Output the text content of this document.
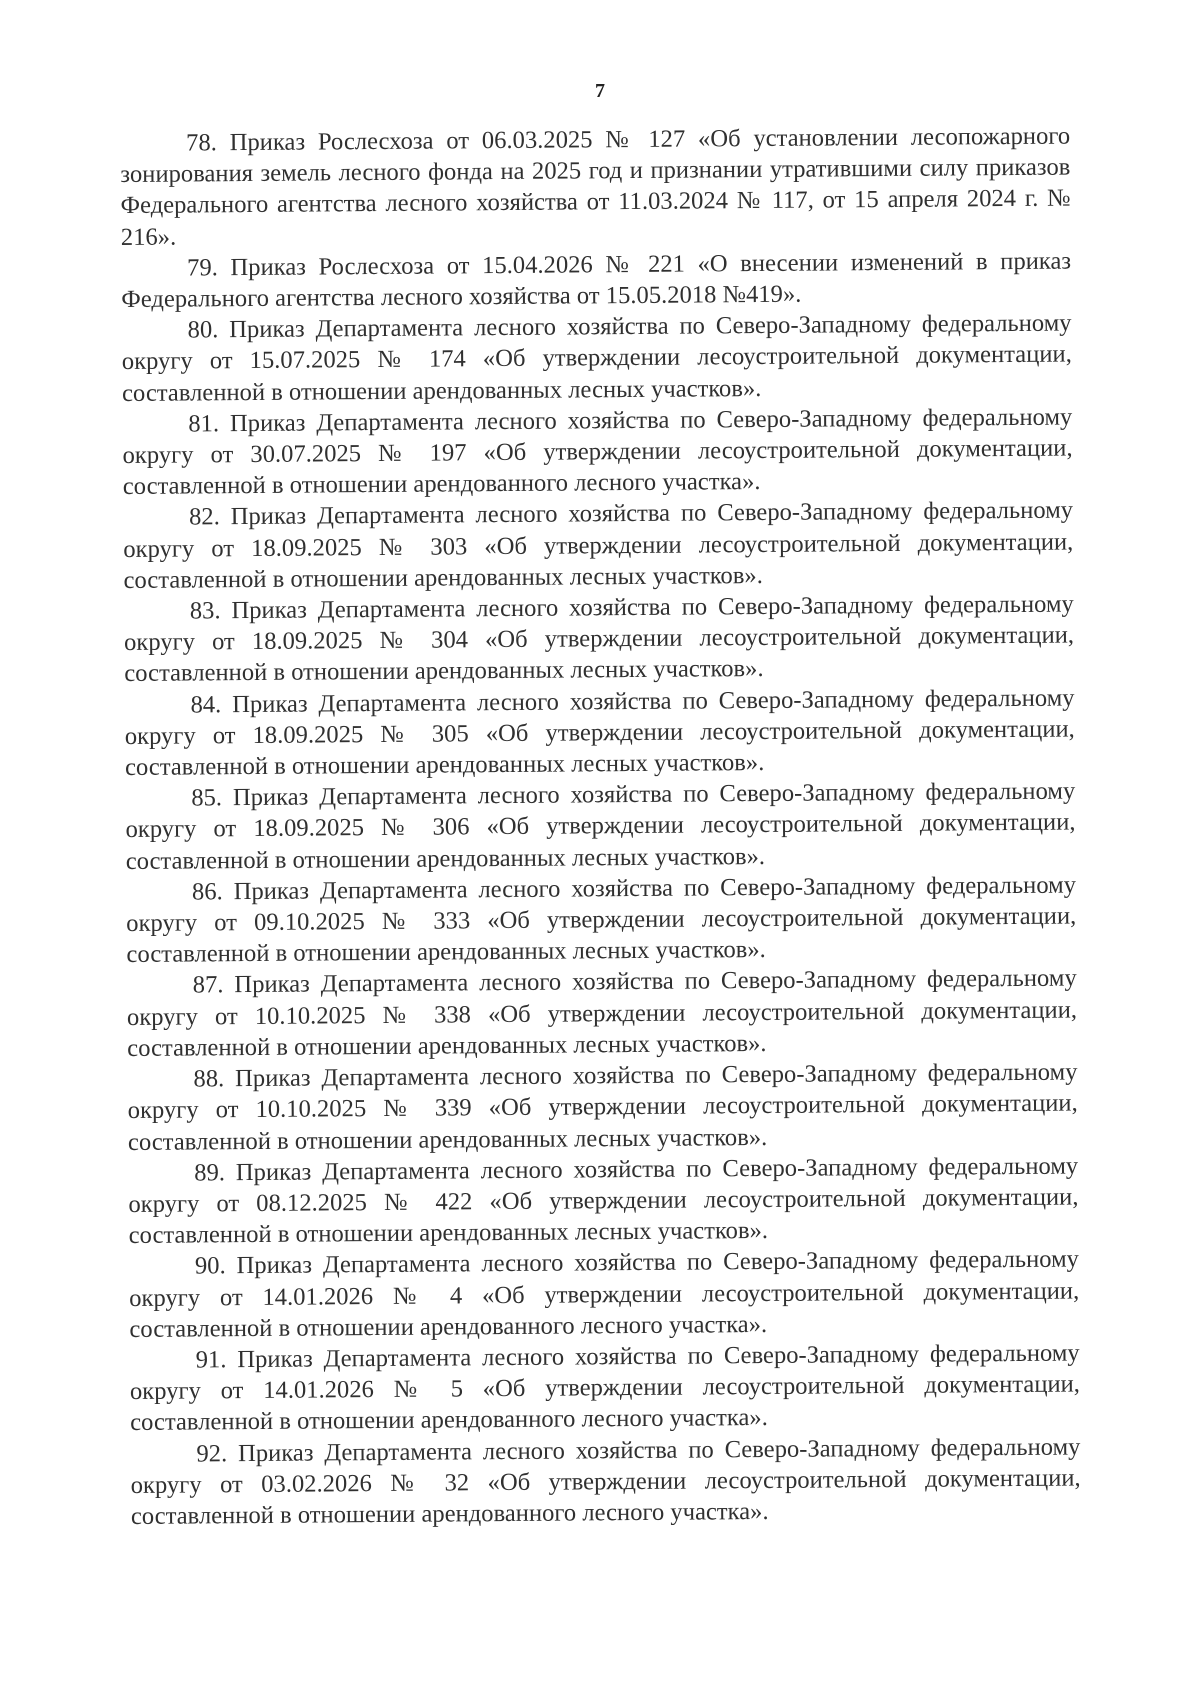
7

78. Приказ Рослесхоза от 06.03.2025 № 127 «Об установлении лесопожарного зонирования земель лесного фонда на 2025 год и признании утратившими силу приказов Федерального агентства лесного хозяйства от 11.03.2024 № 117, от 15 апреля 2024 г. № 216».

79. Приказ Рослесхоза от 15.04.2026 № 221 «О внесении изменений в приказ Федерального агентства лесного хозяйства от 15.05.2018 №419».

80. Приказ Департамента лесного хозяйства по Северо-Западному федеральному округу от 15.07.2025 № 174 «Об утверждении лесоустроительной документации, составленной в отношении арендованных лесных участков».

81. Приказ Департамента лесного хозяйства по Северо-Западному федеральному округу от 30.07.2025 № 197 «Об утверждении лесоустроительной документации, составленной в отношении арендованного лесного участка».

82. Приказ Департамента лесного хозяйства по Северо-Западному федеральному округу от 18.09.2025 № 303 «Об утверждении лесоустроительной документации, составленной в отношении арендованных лесных участков».

83. Приказ Департамента лесного хозяйства по Северо-Западному федеральному округу от 18.09.2025 № 304 «Об утверждении лесоустроительной документации, составленной в отношении арендованных лесных участков».

84. Приказ Департамента лесного хозяйства по Северо-Западному федеральному округу от 18.09.2025 № 305 «Об утверждении лесоустроительной документации, составленной в отношении арендованных лесных участков».

85. Приказ Департамента лесного хозяйства по Северо-Западному федеральному округу от 18.09.2025 № 306 «Об утверждении лесоустроительной документации, составленной в отношении арендованных лесных участков».

86. Приказ Департамента лесного хозяйства по Северо-Западному федеральному округу от 09.10.2025 № 333 «Об утверждении лесоустроительной документации, составленной в отношении арендованных лесных участков».

87. Приказ Департамента лесного хозяйства по Северо-Западному федеральному округу от 10.10.2025 № 338 «Об утверждении лесоустроительной документации, составленной в отношении арендованных лесных участков».

88. Приказ Департамента лесного хозяйства по Северо-Западному федеральному округу от 10.10.2025 № 339 «Об утверждении лесоустроительной документации, составленной в отношении арендованных лесных участков».

89. Приказ Департамента лесного хозяйства по Северо-Западному федеральному округу от 08.12.2025 № 422 «Об утверждении лесоустроительной документации, составленной в отношении арендованных лесных участков».

90. Приказ Департамента лесного хозяйства по Северо-Западному федеральному округу от 14.01.2026 № 4 «Об утверждении лесоустроительной документации, составленной в отношении арендованного лесного участка».

91. Приказ Департамента лесного хозяйства по Северо-Западному федеральному округу от 14.01.2026 № 5 «Об утверждении лесоустроительной документации, составленной в отношении арендованного лесного участка».

92. Приказ Департамента лесного хозяйства по Северо-Западному федеральному округу от 03.02.2026 № 32 «Об утверждении лесоустроительной документации, составленной в отношении арендованного лесного участка».
